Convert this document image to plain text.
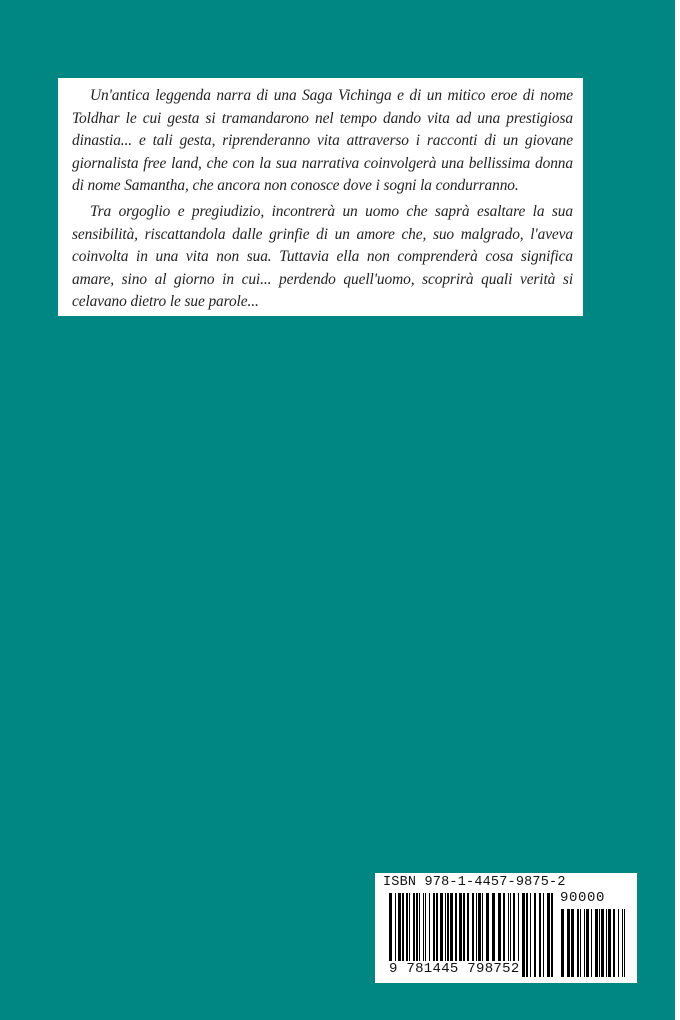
Un'antica leggenda narra di una Saga Vichinga e di un mitico eroe di nome Toldhar le cui gesta si tramandarono nel tempo dando vita ad una prestigiosa dinastia... e tali gesta, riprenderanno vita attraverso i racconti di un giovane giornalista free land, che con la sua narrativa coinvolgerà una bellissima donna di nome Samantha, che ancora non conosce dove i sogni la condurranno.

Tra orgoglio e pregiudizio, incontrerà un uomo che saprà esaltare la sua sensibilità, riscattandola dalle grinfie di un amore che, suo malgrado, l'aveva coinvolta in una vita non sua. Tuttavia ella non comprenderà cosa significa amare, sino al giorno in cui... perdendo quell'uomo, scoprirà quali verità si celavano dietro le sue parole...

ISBN 978-1-4457-9875-2
90000
9 781445 798752
